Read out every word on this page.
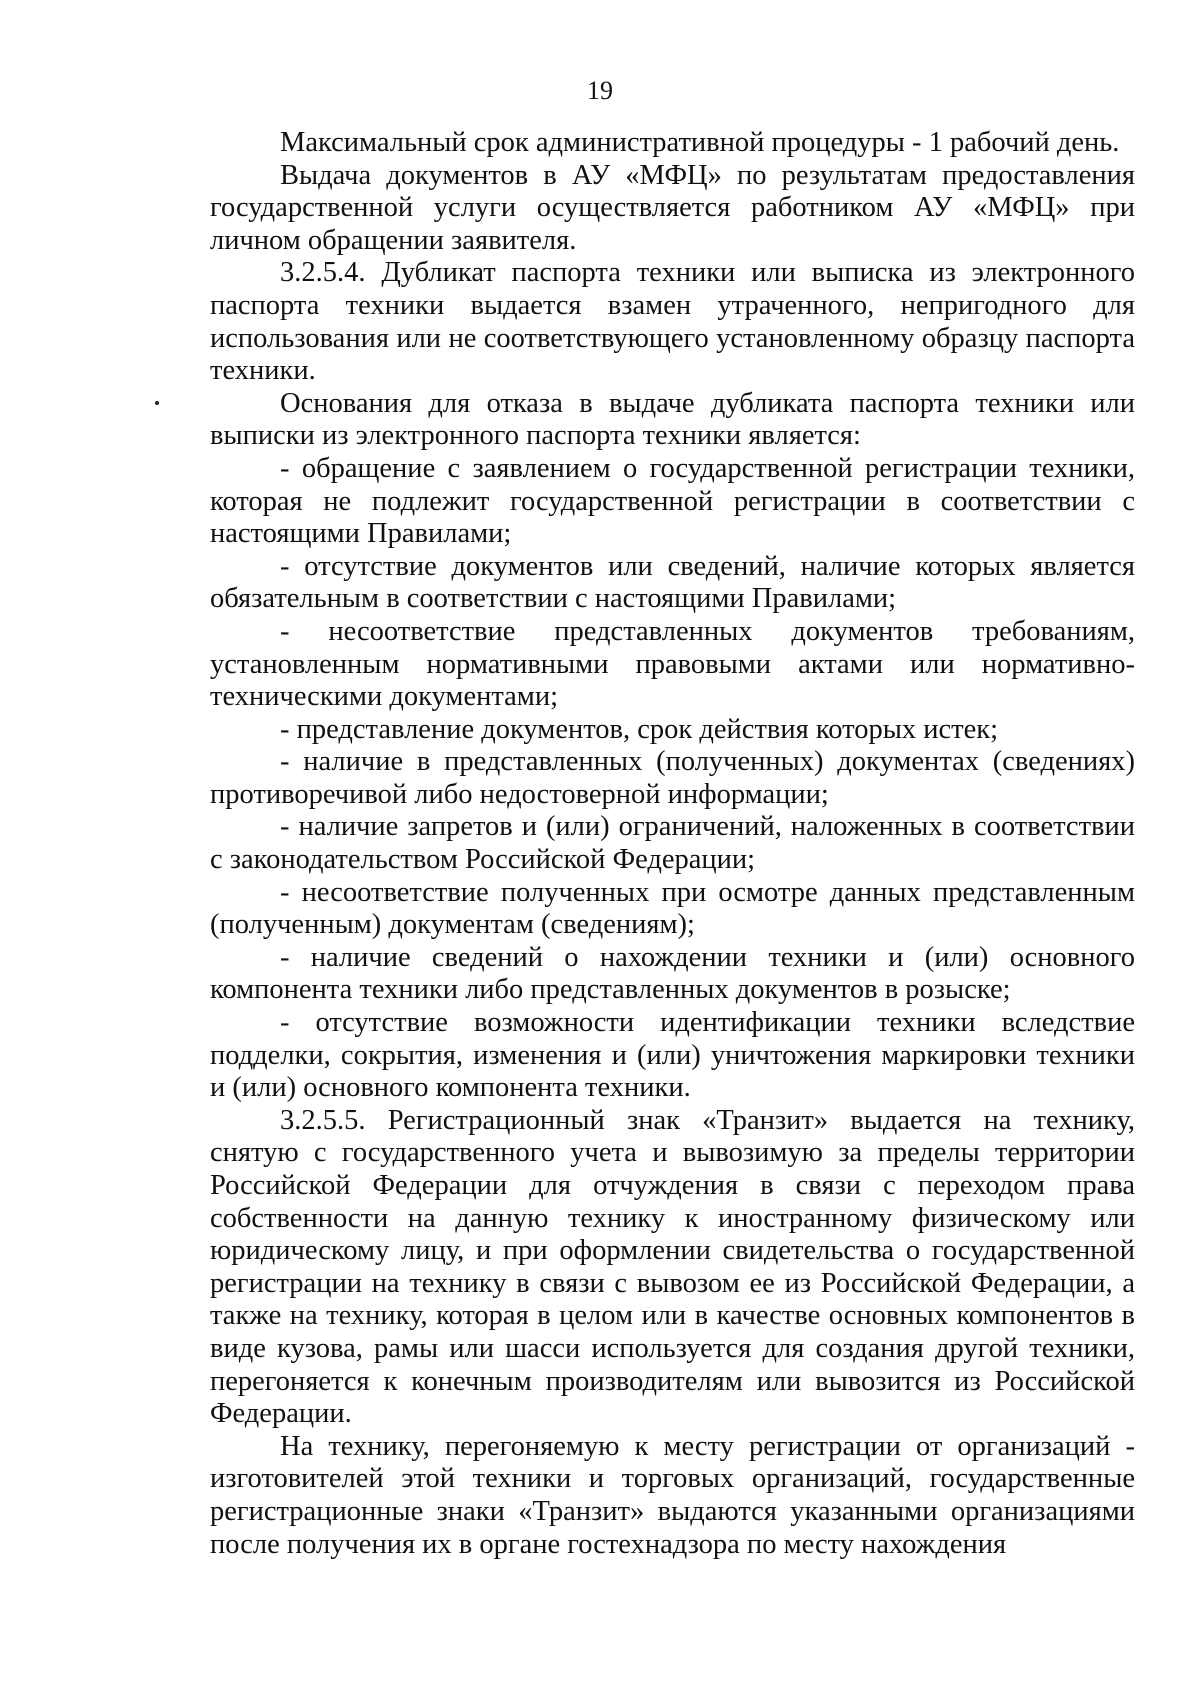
19

Максимальный срок административной процедуры - 1 рабочий день.

Выдача документов в АУ «МФЦ» по результатам предоставления государственной услуги осуществляется работником АУ «МФЦ» при личном обращении заявителя.

3.2.5.4. Дубликат паспорта техники или выписка из электронного паспорта техники выдается взамен утраченного, непригодного для использования или не соответствующего установленному образцу паспорта техники.

Основания для отказа в выдаче дубликата паспорта техники или выписки из электронного паспорта техники является:

- обращение с заявлением о государственной регистрации техники, которая не подлежит государственной регистрации в соответствии с настоящими Правилами;

- отсутствие документов или сведений, наличие которых является обязательным в соответствии с настоящими Правилами;

- несоответствие представленных документов требованиям, установленным нормативными правовыми актами или нормативно-техническими документами;

- представление документов, срок действия которых истек;

- наличие в представленных (полученных) документах (сведениях) противоречивой либо недостоверной информации;

- наличие запретов и (или) ограничений, наложенных в соответствии с законодательством Российской Федерации;

- несоответствие полученных при осмотре данных представленным (полученным) документам (сведениям);

- наличие сведений о нахождении техники и (или) основного компонента техники либо представленных документов в розыске;

- отсутствие возможности идентификации техники вследствие подделки, сокрытия, изменения и (или) уничтожения маркировки техники и (или) основного компонента техники.

3.2.5.5. Регистрационный знак «Транзит» выдается на технику, снятую с государственного учета и вывозимую за пределы территории Российской Федерации для отчуждения в связи с переходом права собственности на данную технику к иностранному физическому или юридическому лицу, и при оформлении свидетельства о государственной регистрации на технику в связи с вывозом ее из Российской Федерации, а также на технику, которая в целом или в качестве основных компонентов в виде кузова, рамы или шасси используется для создания другой техники, перегоняется к конечным производителям или вывозится из Российской Федерации.

На технику, перегоняемую к месту регистрации от организаций - изготовителей этой техники и торговых организаций, государственные регистрационные знаки «Транзит» выдаются указанными организациями после получения их в органе гостехнадзора по месту нахождения
